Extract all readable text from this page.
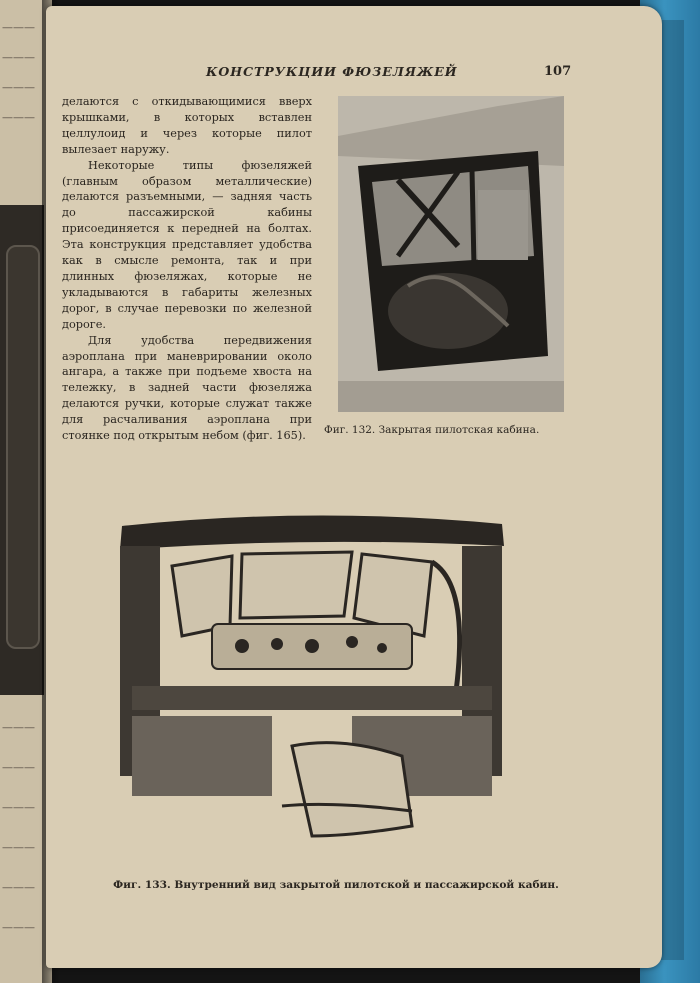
———
———
———
———
———
———
———
———
———
———
КОНСТРУКЦИИ ФЮЗЕЛЯЖЕЙ	107

делаются с откидывающимися вверх крышками, в которых вставлен целлулоид и через которые пилот вылезает наружу.

Некоторые типы фюзеляжей (главным образом металлические) делаются разъемными, — задняя часть до пассажирской кабины присоединяется к передней на болтах. Эта конструкция представляет удобства как в смысле ремонта, так и при длинных фюзеляжах, которые не укладываются в габариты железных дорог, в случае перевозки по железной дороге.

Для удобства передвижения аэроплана при маневрировании около ангара, а также при подъеме хвоста на тележку, в задней части фюзеляжа делаются ручки, которые служат также для расчаливания аэроплана при стоянке под открытым небом (фиг. 165).	Фиг. 132. Закрытая пилотская кабина.
Фиг. 133. Внутренний вид закрытой пилотской и пассажирской кабин.
